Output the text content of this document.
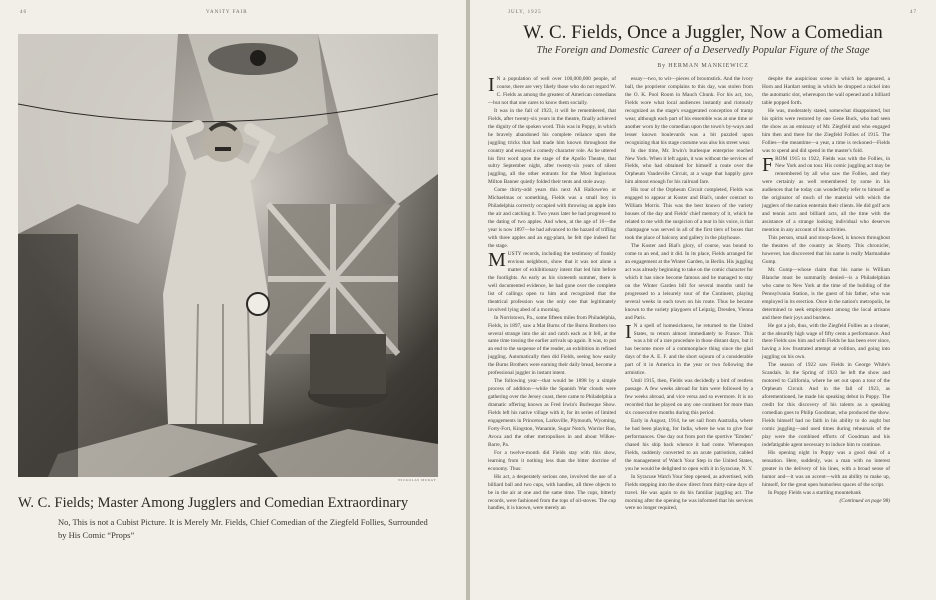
46	VANITY FAIR
NICKOLAS MURAY
W. C. Fields; Master Among Jugglers and Comedian Extraordinary
No, This is not a Cubist Picture. It is Merely Mr. Fields, Chief Comedian of the Ziegfeld Follies, Surrounded by His Comic “Props”
JULY, 1925	47
W. C. Fields, Once a Juggler, Now a Comedian
The Foreign and Domestic Career of a Deservedly Popular Figure of the Stage
By HERMAN MANKIEWICZ

I N a population of well over 100,000,000 people, of course, there are very likely those who do not regard W. C. Fields as among the greatest of American comedians—but not that one cares to know them socially.

It was in the fall of 1923, it will be remembered, that Fields, after twenty-six years in the theatre, finally achieved the dignity of the spoken word. This was in Poppy, in which he bravely abandoned his complete reliance upon the juggling tricks that had made him known throughout the country and essayed a comedy character role. As he uttered his first word upon the stage of the Apollo Theatre, that sultry September night, after twenty-six years of silent juggling, all the other entrants for the Most Inglorious Milton Banner quietly folded their tents and stole away.

Come thirty-odd years this next All Hallowe'en or Michaelmas or something, Fields was a small boy in Philadelphia correctly occupied with throwing an apple into the air and catching it. Two years later he had progressed to the dating of two apples. And when, at the age of 16—the year is now 1897—he had advanced to the hazard of trifling with three apples and an egg-plant, he felt ripe indeed for the stage.

MUSTY records, including the testimony of frankly envious neighbors, show that it was not alone a matter of exhibitionary intent that led him before the footlights. As early as his sixteenth summer, there is well documented evidence, he had gone over the complete list of callings open to him and recognized that the theatrical profession was the only one that legitimately involved lying abed of a morning.

In Norristown, Pa., some fifteen miles from Philadelphia, Fields, in 1897, saw a Mat Burns of the Burns Brothers too several strange into the air and catch each as it fell, at the same time tossing the earlier arrivals up again. It was, to put an end to the suspense of the reader, an exhibition in refined juggling. Automatically then did Fields, seeing how easily the Burns Brothers were earning their daily bread, become a professional juggler in instant intent.

The following year—that would be 1898 by a simple process of addition—while the Spanish War clouds were gathering over the Jersey coast, there came to Philadelphia a dramatic offering known as Fred Irwin's Burlesque Show. Fields left his native village with it, for its series of limited engagements in Princeton, Larksville, Plymouth, Wyoming, Forty-Fort, Kingston, Wanamie, Sugar Notch, Warrior Run, Avoca and the other metropolises in and about Wilkes-Barre, Pa.

For a twelve-month did Fields stay with this show, learning from it nothing less than the bitter doctrine of economy. Thus:

His act, a desperately serious one, involved the use of a billiard ball and two cups, with handles, all three objects to be in the air at one and the same time. The cups, bitterly records, were fashioned from the tops of oil-stoves. The cup handles, it is known, were merely an

essay—two, to wit—pieces of broomstick. And the ivory ball, the proprietor complains to this day, was stolen from the O. K. Pool Room in Mauch Chunk. For his act, too, Fields wore what local audiences instantly and riotously recognized as the stage's exaggerated conception of tramp wear, although each part of his ensemble was at one time or another worn by the comedian upon the town's by-ways and lesser known boulevards was a bit puzzled upon recognizing that his stage costume was also his street wear.

In due time, Mr. Irwin's burlesque enterprise reached New York. When it left again, it was without the services of Fields, who had obtained for himself a route over the Orpheum Vaudeville Circuit, at a wage that happily gave him almost enough for his railroad fare.

His tour of the Orpheum Circuit completed, Fields was engaged to appear at Koster and Bial's, under contract to William Morris. This was the best known of the variety houses of the day and Fields' chief memory of it, which he related to me with the suspicion of a tear in his voice, is that champagne was served in all of the first tiers of boxes that took the place of balcony and gallery in the playhouse.

The Koster and Bial's glory, of course, was bound to come to an end, and it did. In its place, Fields arranged for an engagement at the Winter Garden, in Berlin. His juggling act was already beginning to take on the comic character for which it has since become famous and he managed to stay on the Winter Garden bill for several months until he progressed to a leisurely tour of the Continent, playing several weeks in each town on his route. Thus he became known to the variety playgoers of Leipzig, Dresden, Vienna and Paris.

I N a spell of homesickness, he returned to the United States, to return almost immediately to France. This was a bit of a rare procedure in those distant days, but it has become more of a commonplace thing since the glad days of the A. E. F. and the short sojourn of a considerable part of it in America in the year or two following the armistice.

Until 1915, then, Fields was decidedly a bird of restless passage. A few weeks abroad for him were followed by a few weeks abroad, and vice versa and so evermore. It is no recorded that he played on any one continent for more than six consecutive months during this period.

Early in August, 1914, he set sail from Australia, where he had been playing, for India, where he was to give four performances. One day out from port the sportive "Emden" chased his ship back whence it had come. Whereupon Fields, suddenly converted to an acute patriotism, cabled the management of Watch Your Step in the United States, you he would be delighted to open with it in Syracuse, N. Y.

In Syracuse Watch Your Step opened, as advertised, with Fields stepping into the show direct from thirty-nine days of travel. He was again to do his familiar juggling act. The morning after the opening he was informed that his services were no longer required,

despite the auspicious scene in which he appeared, a Horn and Hardart setting in which he dropped a nickel into the automatic slot, whereupon the wall opened and a billiard table popped forth.

He was, moderately stated, somewhat disappointed, but his spirits were restored by one Gene Buck, who had seen the show as an emissary of Mr. Ziegfeld and who engaged him then and there for the Ziegfeld Follies of 1915. The Follies—the meantime—a year, a time is reckoned—Fields was to spend and did spend in the master's fold.

FROM 1915 to 1922, Fields was with the Follies, in New York and on tour. His comic juggling act may be remembered by all who saw the Follies, and they were certainly as well remembered by some in his audiences that he today can wonderfully refer to himself as the originator of much of the material with which the jugglers of the nation entertain their clients. He did golf acts and tennis acts and billiard acts, all the time with the assistance of a strange looking individual who deserves mention in any account of his activities.

This person, small and stoop-faced, is known throughout the theatres of the country as Shorty. This chronicler, however, has discovered that his name is really Marmaduke Gump.

Mr. Gump—whose claim that his name is William Blanche must be summarily denied—is a Philadelphian who came to New York at the time of the building of the Pennsylvania Station, is the guest of his father, who was employed in its erection. Once in the nation's metropolis, he determined to seek employment among the local artisans and there their joys and burdens.

He got a job, thus, with the Ziegfeld Follies as a cleaner, at the absurdly high wage of fifty cents a performance. And there Fields saw him and with Fields he has been ever since, having a low frustrated attempt at volition, and going into juggling on his own.

The season of 1922 saw Fields in George White's Scandals. In the Spring of 1923 he left the show and motored to California, where he set out upon a tour of the Orpheum Circuit. And in the fall of 1923, as aforementioned, he made his speaking debut in Poppy. The credit for this discovery of his talents as a speaking comedian goes to Philip Goodman, who produced the show. Fields himself had no faith in his ability to do aught but comic juggling—and used times during rehearsals of the play were the combined efforts of Goodman and his indefatigable agent necessary to induce him to continue.

His opening night in Poppy was a good deal of a sensation. Here, suddenly, was a man with no interest greater in the delivery of his lines, with a broad sense of humor and—it was an accent—with an ability to make up, himself, for the great open humorless spaces of the script.

In Poppy Fields was a startling mountebank

(Continued on page 98)
